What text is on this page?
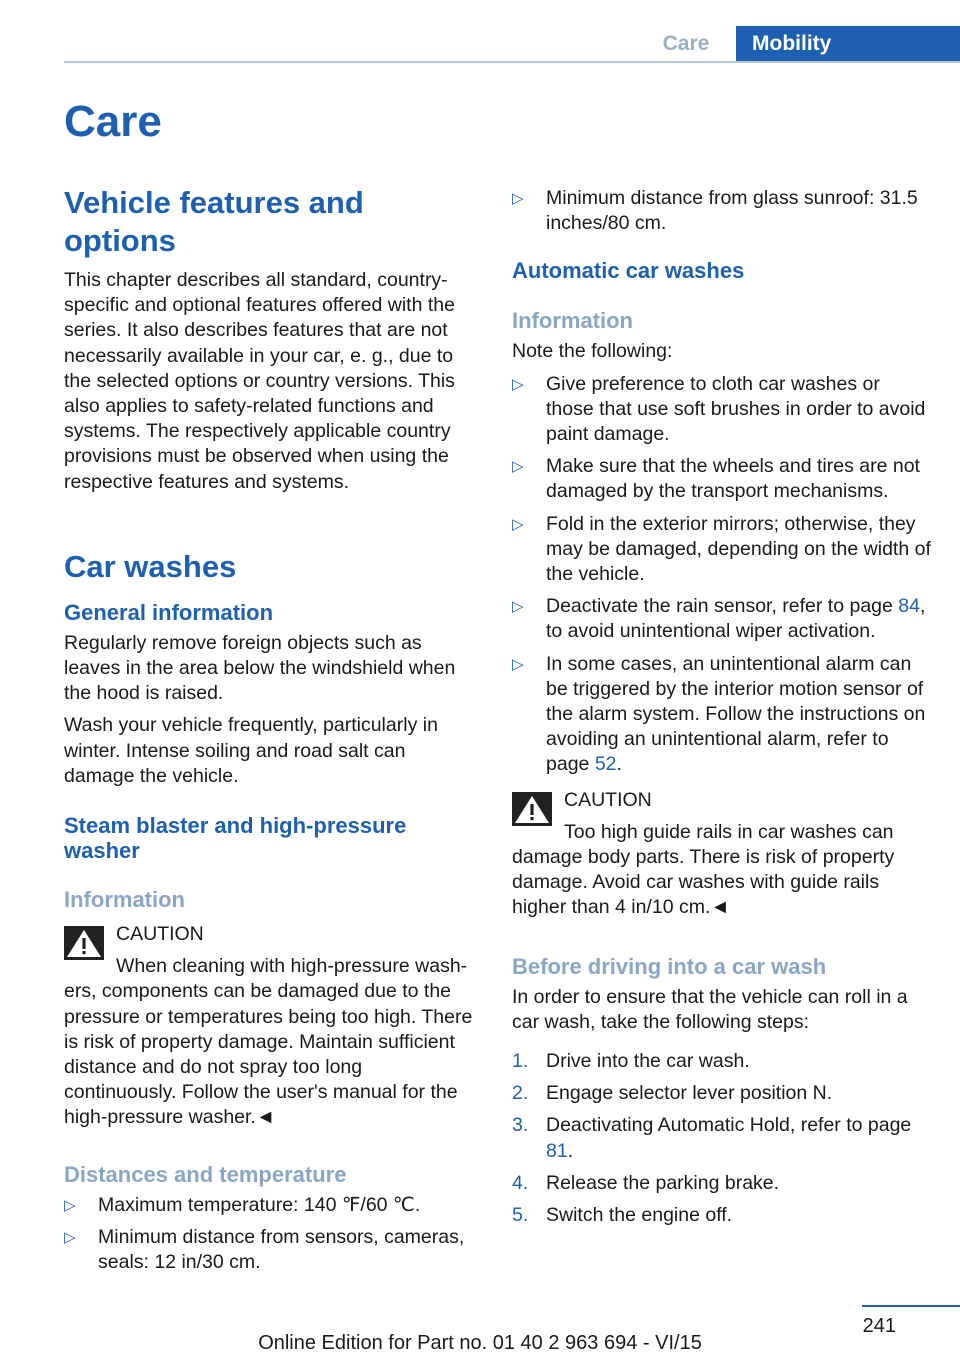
Care	Mobility
Care
Vehicle features and options

This chapter describes all standard, country-specific and optional features offered with the series. It also describes features that are not necessarily available in your car, e. g., due to the selected options or country versions. This also applies to safety-related functions and systems. The respectively applicable country provisions must be observed when using the respective features and systems.

Car washes
General information

Regularly remove foreign objects such as leaves in the area below the windshield when the hood is raised.

Wash your vehicle frequently, particularly in winter. Intense soiling and road salt can damage the vehicle.

Steam blaster and high-pressure washer
Information
CAUTION
When cleaning with high-pressure wash-

ers, components can be damaged due to the pressure or temperatures being too high. There is risk of property damage. Maintain sufficient distance and do not spray too long continuously. Follow the user's manual for the high-pressure washer.◄

Distances and temperature
▷ Maximum temperature: 140 ℉/60 ℃.
▷ Minimum distance from sensors, cameras, seals: 12 in/30 cm.
▷ Minimum distance from glass sunroof: 31.5 inches/80 cm.
Automatic car washes
Information

Note the following:

▷ Give preference to cloth car washes or those that use soft brushes in order to avoid paint damage.
▷ Make sure that the wheels and tires are not damaged by the transport mechanisms.
▷ Fold in the exterior mirrors; otherwise, they may be damaged, depending on the width of the vehicle.
▷ Deactivate the rain sensor, refer to page 84, to avoid unintentional wiper activation.
▷ In some cases, an unintentional alarm can be triggered by the interior motion sensor of the alarm system. Follow the instructions on avoiding an unintentional alarm, refer to page 52.
CAUTION
Too high guide rails in car washes can

damage body parts. There is risk of property damage. Avoid car washes with guide rails higher than 4 in/10 cm.◄

Before driving into a car wash

In order to ensure that the vehicle can roll in a car wash, take the following steps:

1. Drive into the car wash.
2. Engage selector lever position N.
3. Deactivating Automatic Hold, refer to page 81.
4. Release the parking brake.
5. Switch the engine off.
241
Online Edition for Part no. 01 40 2 963 694 - VI/15
